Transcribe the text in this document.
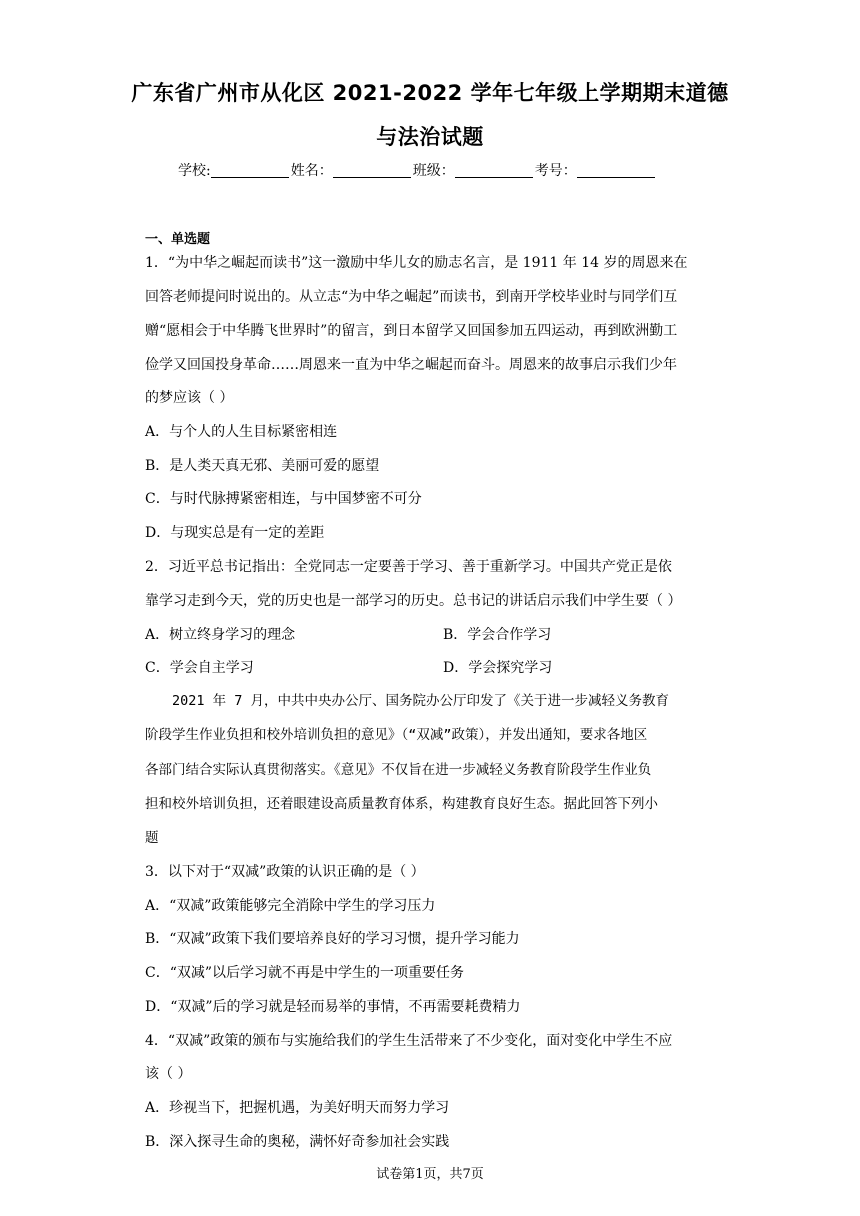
广东省广州市从化区 2021-2022 学年七年级上学期期末道德
与法治试题
学校:	姓名：	班级：	考号：
一、单选题
1．“为中华之崛起而读书”这一激励中华儿女的励志名言，是 1911 年 14 岁的周恩来在
回答老师提问时说出的。从立志“为中华之崛起”而读书，到南开学校毕业时与同学们互
赠“愿相会于中华腾飞世界时”的留言，到日本留学又回国参加五四运动，再到欧洲勤工
俭学又回国投身革命……周恩来一直为中华之崛起而奋斗。周恩来的故事启示我们少年
的梦应该（ ）
A．与个人的人生目标紧密相连
B．是人类天真无邪、美丽可爱的愿望
C．与时代脉搏紧密相连，与中国梦密不可分
D．与现实总是有一定的差距
2．习近平总书记指出：全党同志一定要善于学习、善于重新学习。中国共产党正是依
靠学习走到今天，党的历史也是一部学习的历史。总书记的讲话启示我们中学生要（ ）
A．树立终身学习的理念	B．学会合作学习
C．学会自主学习	D．学会探究学习
2021 年 7 月，中共中央办公厅、国务院办公厅印发了《关于进一步减轻义务教育
阶段学生作业负担和校外培训负担的意见》（“双减”政策），并发出通知，要求各地区
各部门结合实际认真贯彻落实。《意见》不仅旨在进一步减轻义务教育阶段学生作业负
担和校外培训负担，还着眼建设高质量教育体系，构建教育良好生态。据此回答下列小
题
3．以下对于“双减”政策的认识正确的是（ ）
A．“双减”政策能够完全消除中学生的学习压力
B．“双减”政策下我们要培养良好的学习习惯，提升学习能力
C．“双减”以后学习就不再是中学生的一项重要任务
D．“双减”后的学习就是轻而易举的事情，不再需要耗费精力
4．“双减”政策的颁布与实施给我们的学生生活带来了不少变化，面对变化中学生不应
该（ ）
A．珍视当下，把握机遇，为美好明天而努力学习
B．深入探寻生命的奥秘，满怀好奇参加社会实践
试卷第1页，共7页
